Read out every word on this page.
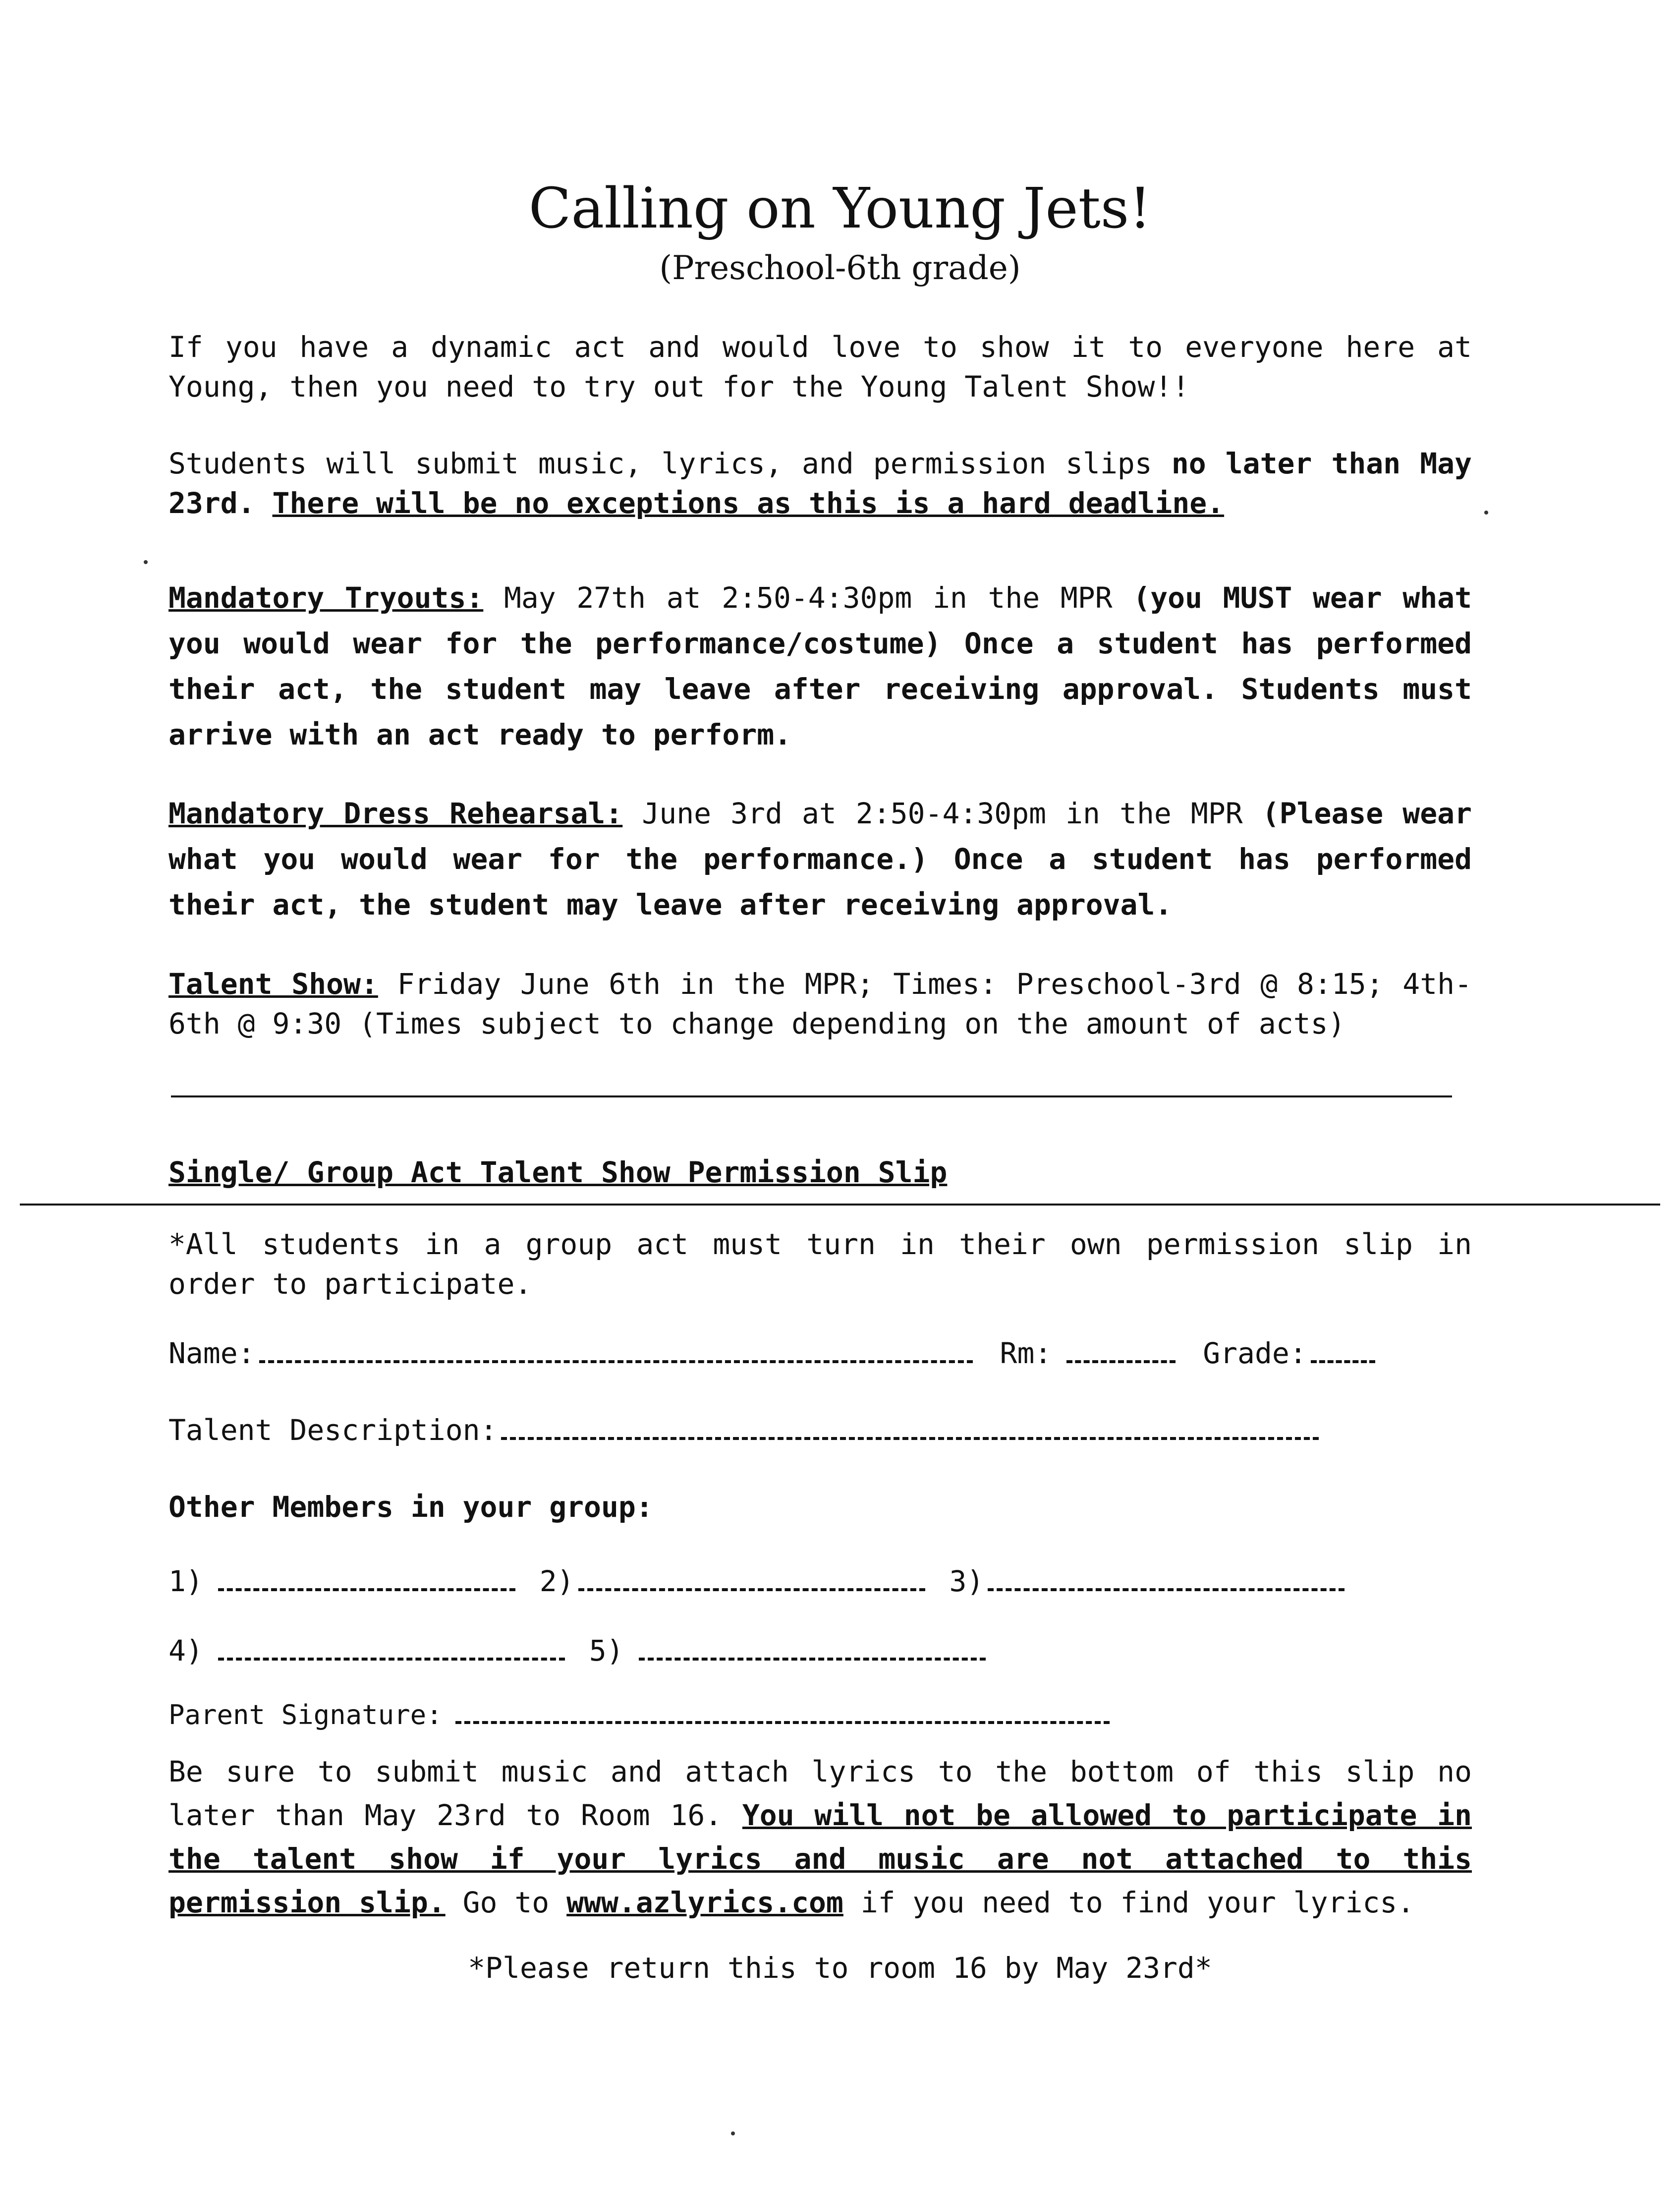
Calling on Young Jets!
(Preschool-6th grade)
If you have a dynamic act and would love to show it to everyone here at Young, then you need to try out for the Young Talent Show!!
Students will submit music, lyrics, and permission slips no later than May 23rd. There will be no exceptions as this is a hard deadline.
Mandatory Tryouts: May 27th at 2:50-4:30pm in the MPR (you MUST wear what you would wear for the performance/costume) Once a student has performed their act, the student may leave after receiving approval. Students must arrive with an act ready to perform.
Mandatory Dress Rehearsal: June 3rd at 2:50-4:30pm in the MPR (Please wear what you would wear for the performance.) Once a student has performed their act, the student may leave after receiving approval.
Talent Show: Friday June 6th in the MPR; Times: Preschool-3rd @ 8:15; 4th-6th @ 9:30 (Times subject to change depending on the amount of acts)
Single/ Group Act Talent Show Permission Slip
*All students in a group act must turn in their own permission slip in order to participate.
Name:	Rm:	Grade:
Talent Description:
Other Members in your group:
1)	2)	3)
4)	5)
Parent Signature:
Be sure to submit music and attach lyrics to the bottom of this slip no later than May 23rd to Room 16. You will not be allowed to participate in the talent show if your lyrics and music are not attached to this permission slip. Go to www.azlyrics.com if you need to find your lyrics.
*Please return this to room 16 by May 23rd*
